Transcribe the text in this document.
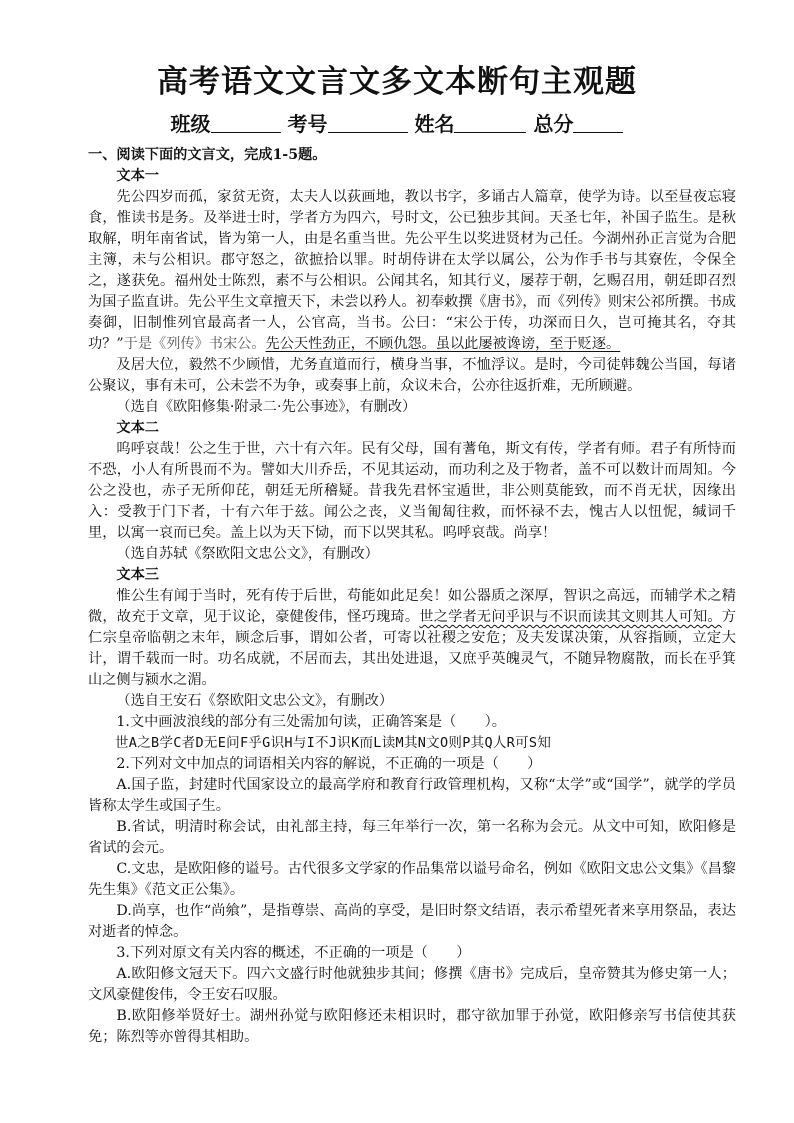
高考语文文言文多文本断句主观题
班级	考号	姓名	总分

一、阅读下面的文言文，完成1-5题。

文本一

先公四岁而孤，家贫无资，太夫人以荻画地，教以书字，多诵古人篇章，使学为诗。以至昼夜忘寝食，惟读书是务。及举进士时，学者方为四六，号时文，公已独步其间。天圣七年，补国子监生。是秋取解，明年南省试，皆为第一人，由是名重当世。先公平生以奖进贤材为己任。今湖州孙正言觉为合肥主簿，未与公相识。郡守怒之，欲摭拾以罪。时胡侍讲在太学以属公，公为作手书与其寮佐，令保全之，遂获免。福州处士陈烈，素不与公相识。公闻其名，知其行义，屡荐于朝，乞赐召用，朝廷即召烈为国子监直讲。先公平生文章擅天下，未尝以矜人。初奉敕撰《唐书》，而《列传》则宋公祁所撰。书成奏御，旧制惟列官最高者一人，公官高，当书。公曰：“宋公于传，功深而日久，岂可掩其名，夺其功？”于是《列传》书宋公。先公天性劲正，不顾仇怨。虽以此屡被谗谤，至于贬逐。

及居大位，毅然不少顾惜，尤务直道而行，横身当事，不恤浮议。是时，今司徒韩魏公当国，每诸公聚议，事有未可，公未尝不为争，或奏事上前，众议未合，公亦往返折难，无所顾避。

（选自《欧阳修集·附录二·先公事迹》，有删改）

文本二

呜呼哀哉！公之生于世，六十有六年。民有父母，国有蓍龟，斯文有传，学者有师。君子有所恃而不恐，小人有所畏而不为。譬如大川乔岳，不见其运动，而功利之及于物者，盖不可以数计而周知。今公之没也，赤子无所仰芘，朝廷无所稽疑。昔我先君怀宝遁世，非公则莫能致，而不肖无状，因缘出入：受教于门下者，十有六年于兹。闻公之丧，义当匍匐往救，而怀禄不去，愧古人以忸怩，缄词千里，以寓一哀而已矣。盖上以为天下恸，而下以哭其私。呜呼哀哉。尚享！

（选自苏轼《祭欧阳文忠公文》，有删改）

文本三

惟公生有闻于当时，死有传于后世，苟能如此足矣！如公器质之深厚，智识之高远，而辅学术之精微，故充于文章，见于议论，豪健俊伟，怪巧瑰琦。世之学者无问乎识与不识而读其文则其人可知。方仁宗皇帝临朝之末年，顾念后事，谓如公者，可寄以社稷之安危；及夫发谋决策，从容指顾，立定大计，谓千载而一时。功名成就，不居而去，其出处进退，又庶乎英魄灵气，不随异物腐散，而长在乎箕山之侧与颍水之湄。

（选自王安石《祭欧阳文忠公文》，有删改）

1.文中画波浪线的部分有三处需加句读，正确答案是（　　）。

世A之B学C者D无E问F乎G识H与I不J识K而L读M其N文O则P其Q人R可S知

2.下列对文中加点的词语相关内容的解说，不正确的一项是（　　）

A.国子监，封建时代国家设立的最高学府和教育行政管理机构，又称“太学”或“国学”，就学的学员皆称太学生或国子生。

B.省试，明清时称会试，由礼部主持，每三年举行一次，第一名称为会元。从文中可知，欧阳修是省试的会元。

C.文忠，是欧阳修的谥号。古代很多文学家的作品集常以谥号命名，例如《欧阳文忠公文集》《昌黎先生集》《范文正公集》。

D.尚享，也作“尚飨”，是指尊崇、高尚的享受，是旧时祭文结语，表示希望死者来享用祭品，表达对逝者的悼念。

3.下列对原文有关内容的概述，不正确的一项是（　　）

A.欧阳修文冠天下。四六文盛行时他就独步其间；修撰《唐书》完成后，皇帝赞其为修史第一人；文风豪健俊伟，令王安石叹服。

B.欧阳修举贤好士。湖州孙觉与欧阳修还未相识时，郡守欲加罪于孙觉，欧阳修亲写书信使其获免；陈烈等亦曾得其相助。
